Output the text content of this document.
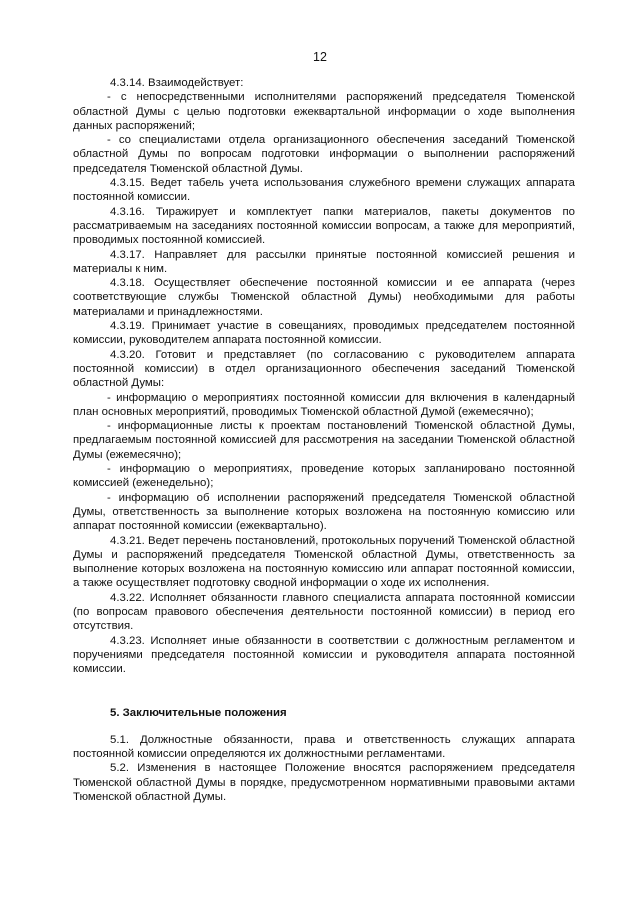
12

4.3.14. Взаимодействует:

- с непосредственными исполнителями распоряжений председателя Тюменской областной Думы с целью подготовки ежеквартальной информации о ходе выполнения данных распоряжений;

- со специалистами отдела организационного обеспечения заседаний Тюменской областной Думы по вопросам подготовки информации о выполнении распоряжений председателя Тюменской областной Думы.

4.3.15. Ведет табель учета использования служебного времени служащих аппарата постоянной комиссии.

4.3.16. Тиражирует и комплектует папки материалов, пакеты документов по рассматриваемым на заседаниях постоянной комиссии вопросам, а также для мероприятий, проводимых постоянной комиссией.

4.3.17. Направляет для рассылки принятые постоянной комиссией решения и материалы к ним.

4.3.18. Осуществляет обеспечение постоянной комиссии и ее аппарата (через соответствующие службы Тюменской областной Думы) необходимыми для работы материалами и принадлежностями.

4.3.19. Принимает участие в совещаниях, проводимых председателем постоянной комиссии, руководителем аппарата постоянной комиссии.

4.3.20. Готовит и представляет (по согласованию с руководителем аппарата постоянной комиссии) в отдел организационного обеспечения заседаний Тюменской областной Думы:

- информацию о мероприятиях постоянной комиссии для включения в календарный план основных мероприятий, проводимых Тюменской областной Думой (ежемесячно);

- информационные листы к проектам постановлений Тюменской областной Думы, предлагаемым постоянной комиссией для рассмотрения на заседании Тюменской областной Думы (ежемесячно);

- информацию о мероприятиях, проведение которых запланировано постоянной комиссией (еженедельно);

- информацию об исполнении распоряжений председателя Тюменской областной Думы, ответственность за выполнение которых возложена на постоянную комиссию или аппарат постоянной комиссии (ежеквартально).

4.3.21. Ведет перечень постановлений, протокольных поручений Тюменской областной Думы и распоряжений председателя Тюменской областной Думы, ответственность за выполнение которых возложена на постоянную комиссию или аппарат постоянной комиссии, а также осуществляет подготовку сводной информации о ходе их исполнения.

4.3.22. Исполняет обязанности главного специалиста аппарата постоянной комиссии (по вопросам правового обеспечения деятельности постоянной комиссии) в период его отсутствия.

4.3.23. Исполняет иные обязанности в соответствии с должностным регламентом и поручениями председателя постоянной комиссии и руководителя аппарата постоянной комиссии.

5. Заключительные положения

5.1. Должностные обязанности, права и ответственность служащих аппарата постоянной комиссии определяются их должностными регламентами.

5.2. Изменения в настоящее Положение вносятся распоряжением председателя Тюменской областной Думы в порядке, предусмотренном нормативными правовыми актами Тюменской областной Думы.
